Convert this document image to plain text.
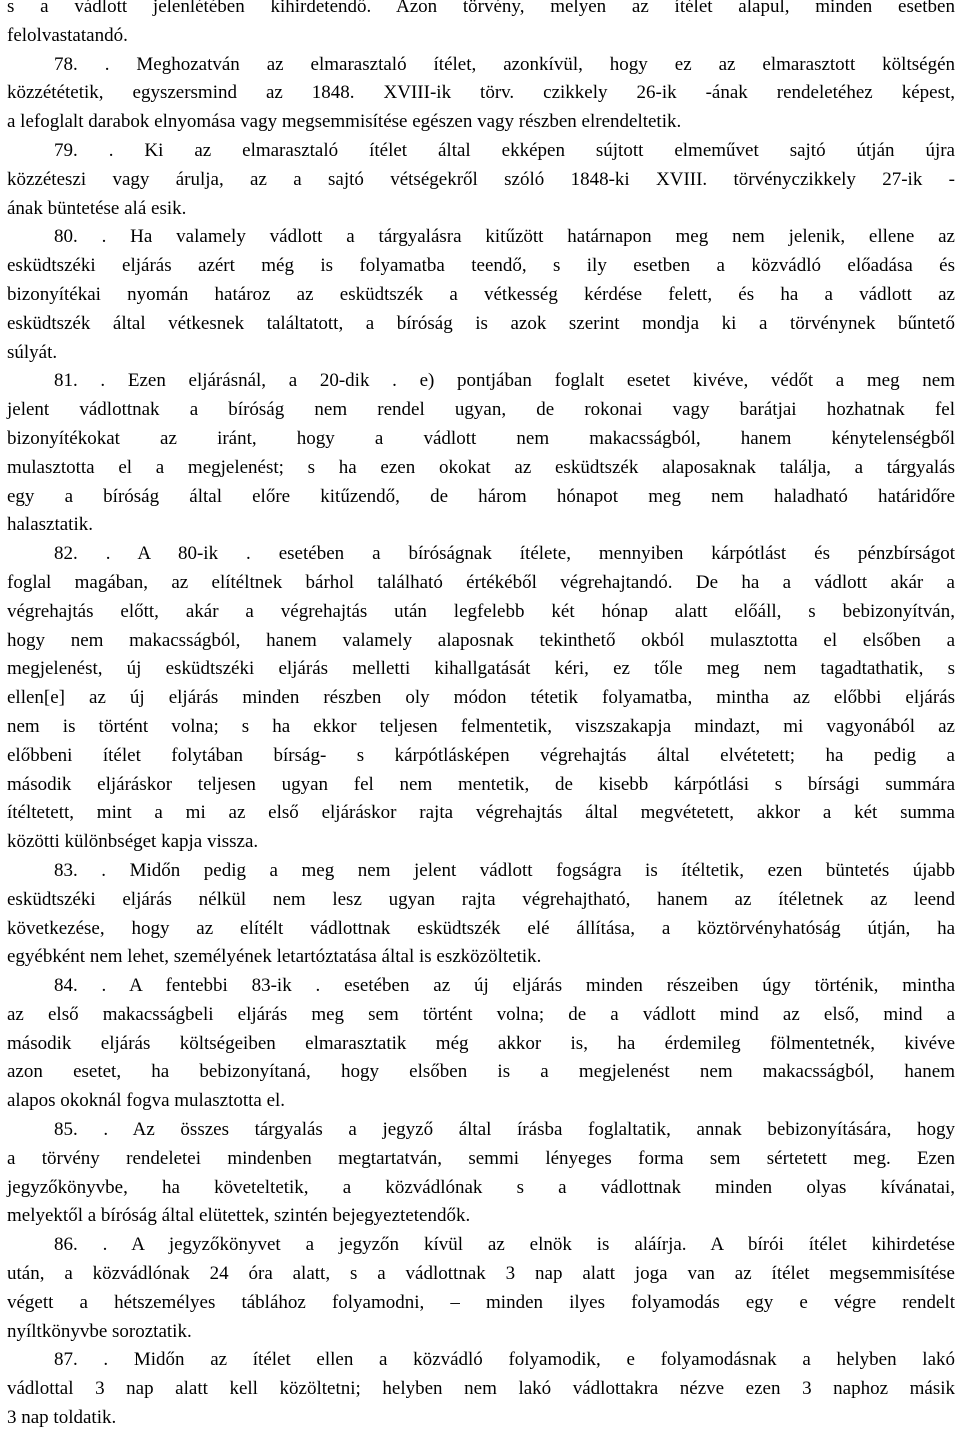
s a vádlott jelenlétében kihirdetendő. Azon törvény, melyen az ítélet alapul, minden esetben
felolvastatandó.
78. . Meghozatván az elmarasztaló ítélet, azonkívül, hogy ez az elmarasztott költségén
közzététetik, egyszersmind az 1848. XVIII-ik törv. czikkely 26-ik -ának rendeletéhez képest,
a lefoglalt darabok elnyomása vagy megsemmisítése egészen vagy részben elrendeltetik.
79. . Ki az elmarasztaló ítélet által ekképen sújtott elmeművet sajtó útján újra
közzéteszi vagy árulja, az a sajtó vétségekről szóló 1848-ki XVIII. törvényczikkely 27-ik -
ának büntetése alá esik.
80. . Ha valamely vádlott a tárgyalásra kitűzött határnapon meg nem jelenik, ellene az
esküdtszéki eljárás azért még is folyamatba teendő, s ily esetben a közvádló előadása és
bizonyítékai nyomán határoz az esküdtszék a vétkesség kérdése felett, és ha a vádlott az
esküdtszék által vétkesnek találtatott, a bíróság is azok szerint mondja ki a törvénynek bűntető
súlyát.
81. . Ezen eljárásnál, a 20-dik . e) pontjában foglalt esetet kivéve, védőt a meg nem
jelent vádlottnak a bíróság nem rendel ugyan, de rokonai vagy barátjai hozhatnak fel
bizonyítékokat az iránt, hogy a vádlott nem makacsságból, hanem kénytelenségből
mulasztotta el a megjelenést; s ha ezen okokat az esküdtszék alaposaknak találja, a tárgyalás
egy a bíróság által előre kitűzendő, de három hónapot meg nem haladható határidőre
halasztatik.
82. . A 80-ik . esetében a bíróságnak ítélete, mennyiben kárpótlást és pénzbírságot
foglal magában, az elítéltnek bárhol található értékéből végrehajtandó. De ha a vádlott akár a
végrehajtás előtt, akár a végrehajtás után legfelebb két hónap alatt előáll, s bebizonyítván,
hogy nem makacsságból, hanem valamely alaposnak tekinthető okból mulasztotta el elsőben a
megjelenést, új esküdtszéki eljárás melletti kihallgatását kéri, ez tőle meg nem tagadtathatik, s
ellen[e] az új eljárás minden részben oly módon tétetik folyamatba, mintha az előbbi eljárás
nem is történt volna; s ha ekkor teljesen felmentetik, viszszakapja mindazt, mi vagyonából az
előbbeni ítélet folytában bírság- s kárpótlásképen végrehajtás által elvétetett; ha pedig a
második eljáráskor teljesen ugyan fel nem mentetik, de kisebb kárpótlási s bírsági summára
ítéltetett, mint a mi az első eljáráskor rajta végrehajtás által megvétetett, akkor a két summa
közötti különbséget kapja vissza.
83. . Midőn pedig a meg nem jelent vádlott fogságra is ítéltetik, ezen büntetés újabb
esküdtszéki eljárás nélkül nem lesz ugyan rajta végrehajtható, hanem az ítéletnek az leend
következése, hogy az elítélt vádlottnak esküdtszék elé állítása, a köztörvényhatóság útján, ha
egyébként nem lehet, személyének letartóztatása által is eszközöltetik.
84. . A fentebbi 83-ik . esetében az új eljárás minden részeiben úgy történik, mintha
az első makacsságbeli eljárás meg sem történt volna; de a vádlott mind az első, mind a
második eljárás költségeiben elmarasztatik még akkor is, ha érdemileg fölmentetnék, kivéve
azon esetet, ha bebizonyítaná, hogy elsőben is a megjelenést nem makacsságból, hanem
alapos okoknál fogva mulasztotta el.
85. . Az összes tárgyalás a jegyző által írásba foglaltatik, annak bebizonyítására, hogy
a törvény rendeletei mindenben megtartatván, semmi lényeges forma sem sértetett meg. Ezen
jegyzőkönyvbe, ha követeltetik, a közvádlónak s a vádlottnak minden olyas kívánatai,
melyektől a bíróság által elütettek, szintén bejegyeztetendők.
86. . A jegyzőkönyvet a jegyzőn kívül az elnök is aláírja. A bírói ítélet kihirdetése
után, a közvádlónak 24 óra alatt, s a vádlottnak 3 nap alatt joga van az ítélet megsemmisítése
végett a hétszemélyes táblához folyamodni, – minden ilyes folyamodás egy e végre rendelt
nyíltkönyvbe soroztatik.
87. . Midőn az ítélet ellen a közvádló folyamodik, e folyamodásnak a helyben lakó
vádlottal 3 nap alatt kell közöltetni; helyben nem lakó vádlottakra nézve ezen 3 naphoz másik
3 nap toldatik.
